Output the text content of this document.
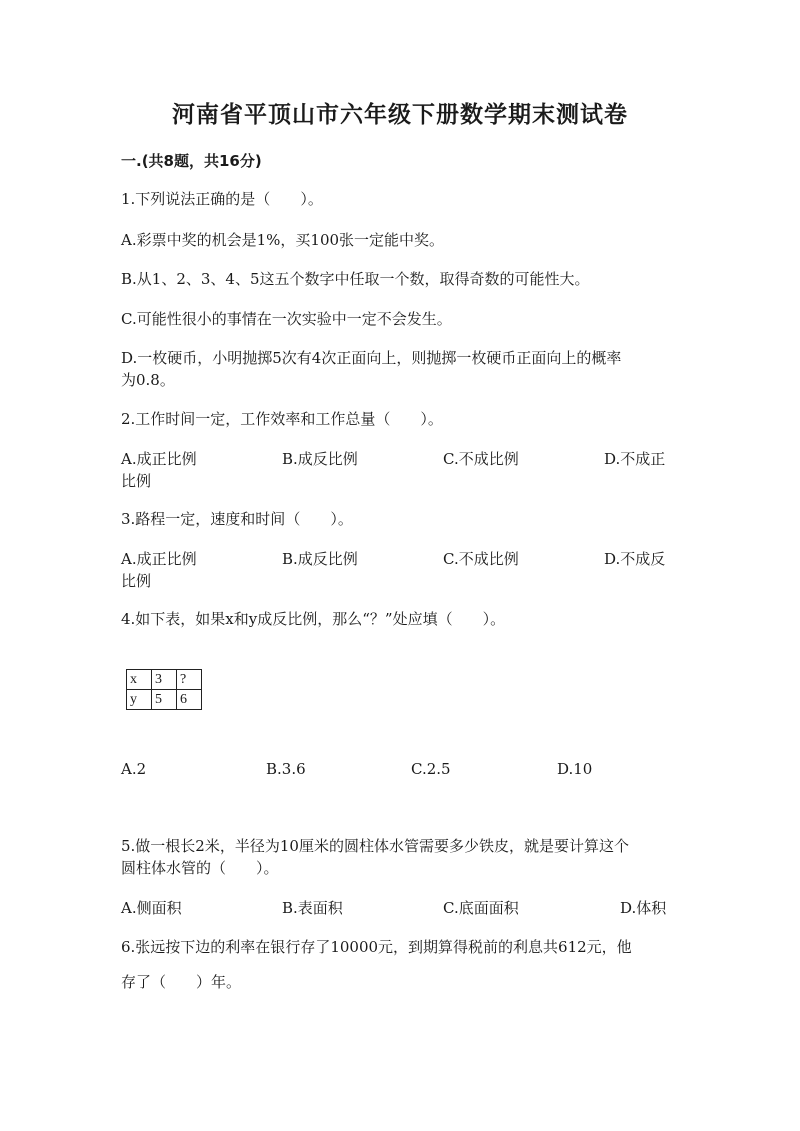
河南省平顶山市六年级下册数学期末测试卷
一.(共8题，共16分)
1.下列说法正确的是（　　）。
A.彩票中奖的机会是1%，买100张一定能中奖。
B.从1、2、3、4、5这五个数字中任取一个数，取得奇数的可能性大。
C.可能性很小的事情在一次实验中一定不会发生。
D.一枚硬币，小明抛掷5次有4次正面向上，则抛掷一枚硬币正面向上的概率
为0.8。
2.工作时间一定，工作效率和工作总量（　　）。
A.成正比例	B.成反比例	C.不成比例	D.不成正
比例
3.路程一定，速度和时间（　　）。
A.成正比例	B.成反比例	C.不成比例	D.不成反
比例
4.如下表，如果x和y成反比例，那么“？”处应填（　　）。
x	3	?
y	5	6
A.2	B.3.6	C.2.5	D.10
5.做一根长2米，半径为10厘米的圆柱体水管需要多少铁皮，就是要计算这个
圆柱体水管的（　　）。
A.侧面积	B.表面积	C.底面面积	D.体积
6.张远按下边的利率在银行存了10000元，到期算得税前的利息共612元，他
存了（　　）年。
